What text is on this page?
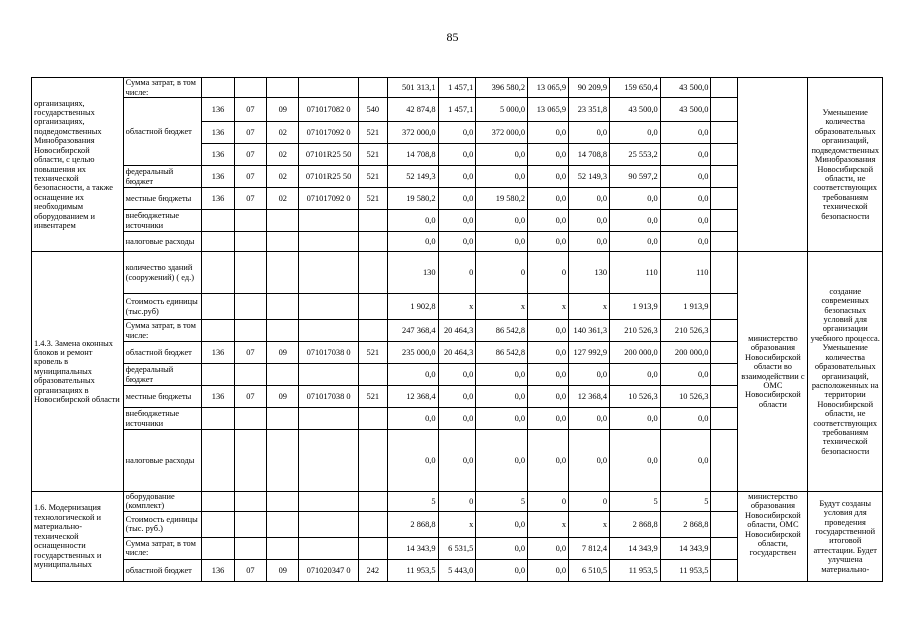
85
организациях, государственных организациях, подведомственных Минобразования Новосибирской области, с целью повышения их технической безопасности, а также оснащение их необходимым оборудованием и инвентарем	Сумма затрат, в том числе:						501 313,1	1 457,1	396 580,2	13 065,9	90 209,9	159 650,4	43 500,0			Уменьшение количества образовательных организаций, подведомственных Минобразования Новосибирской области, не соответствующих требованиям технической безопасности
	областной бюджет	136	07	09	071017082 0	540	42 874,8	1 457,1	5 000,0	13 065,9	23 351,8	43 500,0	43 500,0			
		136	07	02	071017092 0	521	372 000,0	0,0	372 000,0	0,0	0,0	0,0	0,0			
		136	07	02	07101R25 50	521	14 708,8	0,0	0,0	0,0	14 708,8	25 553,2	0,0			
	федеральный бюджет	136	07	02	07101R25 50	521	52 149,3	0,0	0,0	0,0	52 149,3	90 597,2	0,0			
	местные бюджеты	136	07	02	071017092 0	521	19 580,2	0,0	19 580,2	0,0	0,0	0,0	0,0			
	внебюджетные источники						0,0	0,0	0,0	0,0	0,0	0,0	0,0			
	налоговые расходы						0,0	0,0	0,0	0,0	0,0	0,0	0,0			
1.4.3. Замена оконных блоков и ремонт кровель в муниципальных образовательных организациях в Новосибирской области	количество зданий (сооружений) ( ед.)						130	0	0	0	130	110	110		министерство образования Новосибирской области во взаимодействии с ОМС Новосибирской области	создание современных безопасных условий для организации учебного процесса. Уменьшение количества образовательных организаций, расположенных на территории Новосибирской области, не соответствующих требованиям технической безопасности
	Стоимость единицы (тыс.руб)						1 902,8	x	x	x	x	1 913,9	1 913,9			
	Сумма затрат, в том числе:						247 368,4	20 464,3	86 542,8	0,0	140 361,3	210 526,3	210 526,3			
	областной бюджет	136	07	09	071017038 0	521	235 000,0	20 464,3	86 542,8	0,0	127 992,9	200 000,0	200 000,0			
	федеральный бюджет						0,0	0,0	0,0	0,0	0,0	0,0	0,0			
	местные бюджеты	136	07	09	071017038 0	521	12 368,4	0,0	0,0	0,0	12 368,4	10 526,3	10 526,3			
	внебюджетные источники						0,0	0,0	0,0	0,0	0,0	0,0	0,0			
	налоговые расходы						0,0	0,0	0,0	0,0	0,0	0,0	0,0			
1.6. Модернизация технологической и материально-технической оснащенности государственных и муниципальных	оборудование (комплект)						5	0	5	0	0	5	5		министерство образования Новосибирской области, ОМС Новосибирской области, государствен	Будут созданы условия для проведения государственной итоговой аттестации. Будет улучшена материально-
	Стоимость единицы (тыс. руб.)						2 868,8	x	0,0	x	x	2 868,8	2 868,8			
	Сумма затрат, в том числе:						14 343,9	6 531,5	0,0	0,0	7 812,4	14 343,9	14 343,9			
	областной бюджет	136	07	09	071020347 0	242	11 953,5	5 443,0	0,0	0,0	6 510,5	11 953,5	11 953,5			
